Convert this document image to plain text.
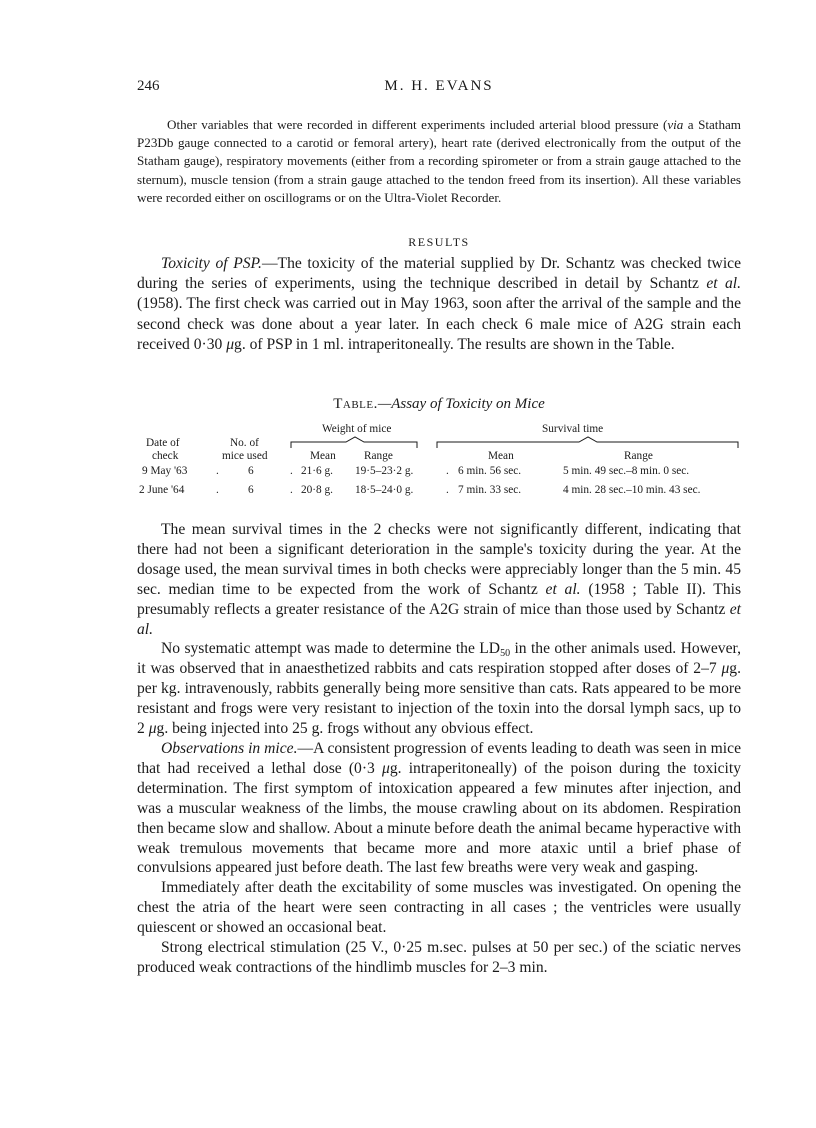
246	M. H. EVANS

Other variables that were recorded in different experiments included arterial blood pressure (via a Statham P23Db gauge connected to a carotid or femoral artery), heart rate (derived electronically from the output of the Statham gauge), respiratory movements (either from a recording spirometer or from a strain gauge attached to the sternum), muscle tension (from a strain gauge attached to the tendon freed from its insertion). All these variables were recorded either on oscillograms or on the Ultra-Violet Recorder.

RESULTS

Toxicity of PSP.—The toxicity of the material supplied by Dr. Schantz was checked twice during the series of experiments, using the technique described in detail by Schantz et al. (1958). The first check was carried out in May 1963, soon after the arrival of the sample and the second check was done about a year later. In each check 6 male mice of A2G strain each received 0·30 μg. of PSP in 1 ml. intraperitoneally. The results are shown in the Table.

Table.—Assay of Toxicity on Mice
Weight of mice	Survival time
Date of
check
No. of
mice used	Mean	Range	Mean	Range
9 May '63	.	6	. 21·6 g. 19·5–23·2 g.	. 6 min. 56 sec.	5 min. 49 sec.–8 min. 0 sec.
2 June '64	.	6	. 20·8 g. 18·5–24·0 g.	. 7 min. 33 sec.	4 min. 28 sec.–10 min. 43 sec.

The mean survival times in the 2 checks were not significantly different, indicating that there had not been a significant deterioration in the sample's toxicity during the year. At the dosage used, the mean survival times in both checks were appreciably longer than the 5 min. 45 sec. median time to be expected from the work of Schantz et al. (1958 ; Table II). This presumably reflects a greater resistance of the A2G strain of mice than those used by Schantz et al.

No systematic attempt was made to determine the $LD_{50}$ in the other animals used. However, it was observed that in anaesthetized rabbits and cats respiration stopped after doses of 2–7 μg. per kg. intravenously, rabbits generally being more sensitive than cats. Rats appeared to be more resistant and frogs were very resistant to injection of the toxin into the dorsal lymph sacs, up to 2 μg. being injected into 25 g. frogs without any obvious effect.

Observations in mice.—A consistent progression of events leading to death was seen in mice that had received a lethal dose (0·3 μg. intraperitoneally) of the poison during the toxicity determination. The first symptom of intoxication appeared a few minutes after injection, and was a muscular weakness of the limbs, the mouse crawling about on its abdomen. Respiration then became slow and shallow. About a minute before death the animal became hyperactive with weak tremulous movements that became more and more ataxic until a brief phase of convulsions appeared just before death. The last few breaths were very weak and gasping.

Immediately after death the excitability of some muscles was investigated. On opening the chest the atria of the heart were seen contracting in all cases ; the ventricles were usually quiescent or showed an occasional beat.

Strong electrical stimulation (25 V., 0·25 m.sec. pulses at 50 per sec.) of the sciatic nerves produced weak contractions of the hindlimb muscles for 2–3 min.
